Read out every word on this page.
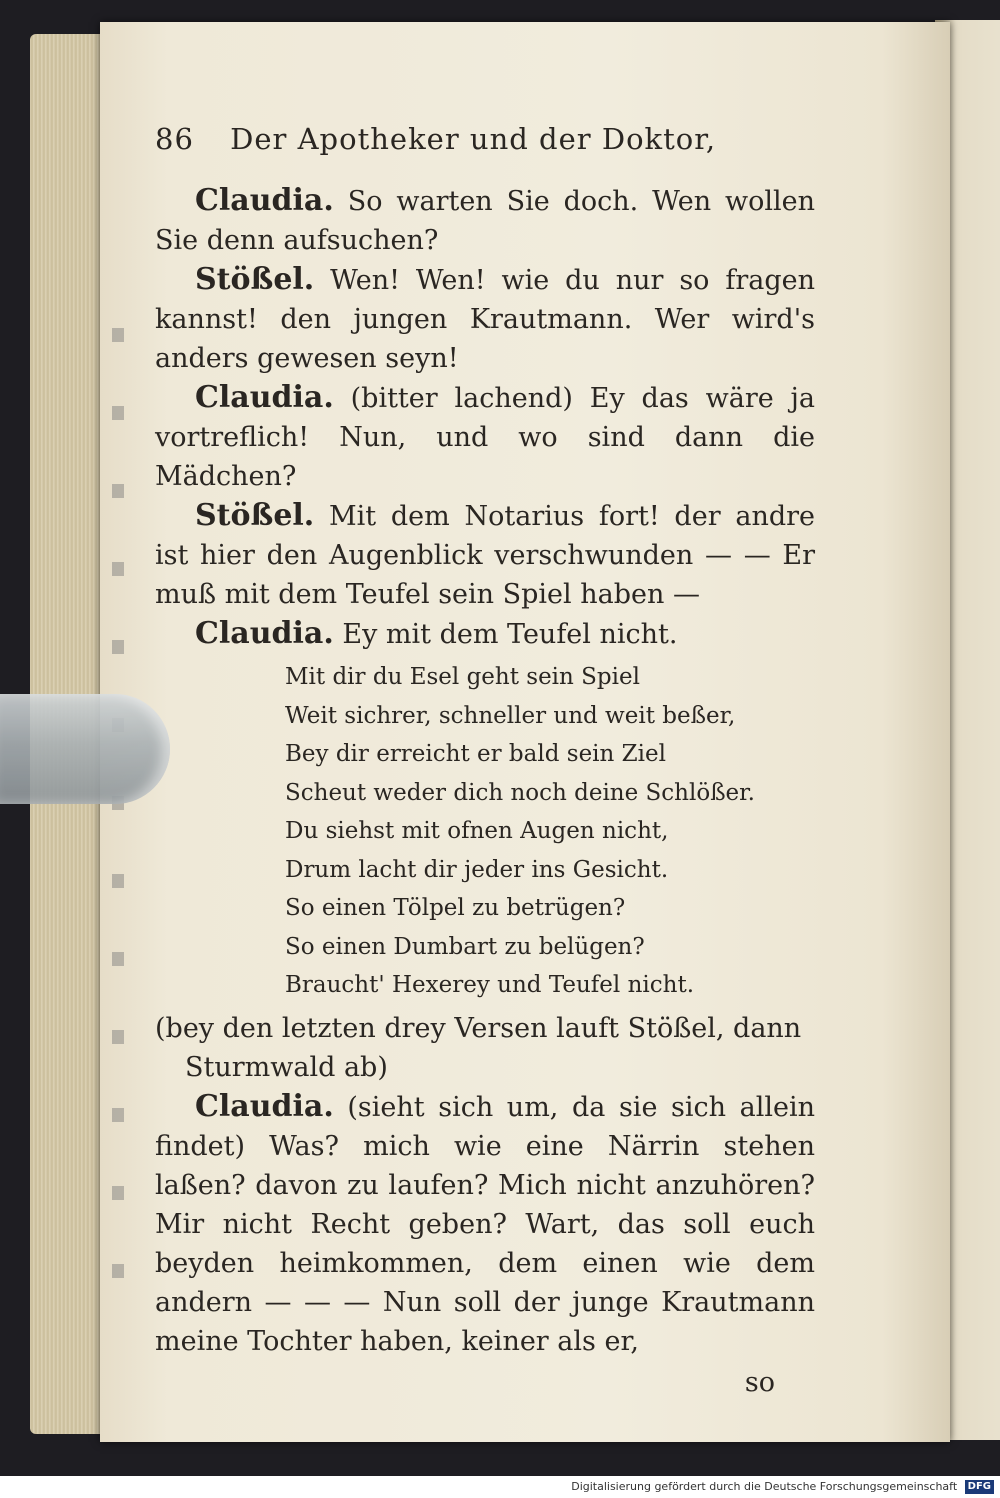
86 Der Apotheker und der Doktor,

Claudia. So warten Sie doch. Wen wollen Sie denn aufsuchen?

Stößel. Wen! Wen! wie du nur so fragen kannst! den jungen Krautmann. Wer wird's anders gewesen seyn!

Claudia. (bitter lachend) Ey das wäre ja vortreflich! Nun, und wo sind dann die Mädchen?

Stößel. Mit dem Notarius fort! der andre ist hier den Augenblick verschwunden — — Er muß mit dem Teufel sein Spiel haben —

Claudia. Ey mit dem Teufel nicht.

Mit dir du Esel geht sein Spiel
Weit sichrer, schneller und weit beßer,
Bey dir erreicht er bald sein Ziel
Scheut weder dich noch deine Schlößer.
Du siehst mit ofnen Augen nicht,
Drum lacht dir jeder ins Gesicht.
So einen Tölpel zu betrügen?
So einen Dumbart zu belügen?
Braucht' Hexerey und Teufel nicht.

(bey den letzten drey Versen lauft Stößel, dann Sturmwald ab)

Claudia. (sieht sich um, da sie sich allein findet) Was? mich wie eine Närrin stehen laßen? davon zu laufen? Mich nicht anzuhören? Mir nicht Recht geben? Wart, das soll euch beyden heimkommen, dem einen wie dem andern — — — Nun soll der junge Krautmann meine Tochter haben, keiner als er,

so
Digitalisierung gefördert durch die Deutsche Forschungsgemeinschaft DFG
